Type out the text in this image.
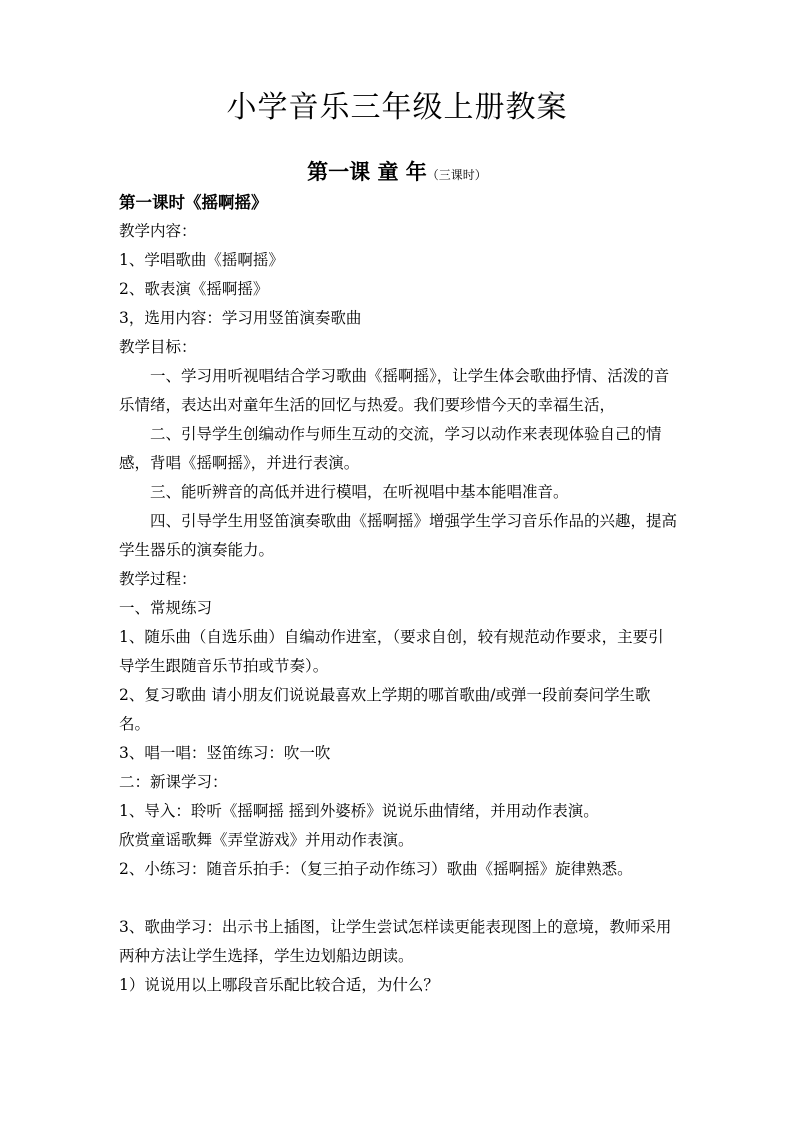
小学音乐三年级上册教案
第一课 童 年（三课时）

第一课时《摇啊摇》

教学内容：

1、学唱歌曲《摇啊摇》

2、歌表演《摇啊摇》

3，选用内容：学习用竖笛演奏歌曲

教学目标：

一、学习用听视唱结合学习歌曲《摇啊摇》，让学生体会歌曲抒情、活泼的音乐情绪，表达出对童年生活的回忆与热爱。我们要珍惜今天的幸福生活，

二、引导学生创编动作与师生互动的交流，学习以动作来表现体验自己的情感，背唱《摇啊摇》，并进行表演。

三、能听辨音的高低并进行模唱，在听视唱中基本能唱准音。

四、引导学生用竖笛演奏歌曲《摇啊摇》增强学生学习音乐作品的兴趣，提高学生器乐的演奏能力。

教学过程：

一、常规练习

1、随乐曲（自选乐曲）自编动作进室，（要求自创，较有规范动作要求，主要引导学生跟随音乐节拍或节奏）。

2、复习歌曲 请小朋友们说说最喜欢上学期的哪首歌曲/或弹一段前奏问学生歌名。

3、唱一唱：竖笛练习：吹一吹

二：新课学习：

1、导入：聆听《摇啊摇 摇到外婆桥》说说乐曲情绪，并用动作表演。

欣赏童谣歌舞《弄堂游戏》并用动作表演。

2、小练习：随音乐拍手：（复三拍子动作练习）歌曲《摇啊摇》旋律熟悉。

3、歌曲学习：出示书上插图，让学生尝试怎样读更能表现图上的意境，教师采用两种方法让学生选择，学生边划船边朗读。

1）说说用以上哪段音乐配比较合适，为什么？
